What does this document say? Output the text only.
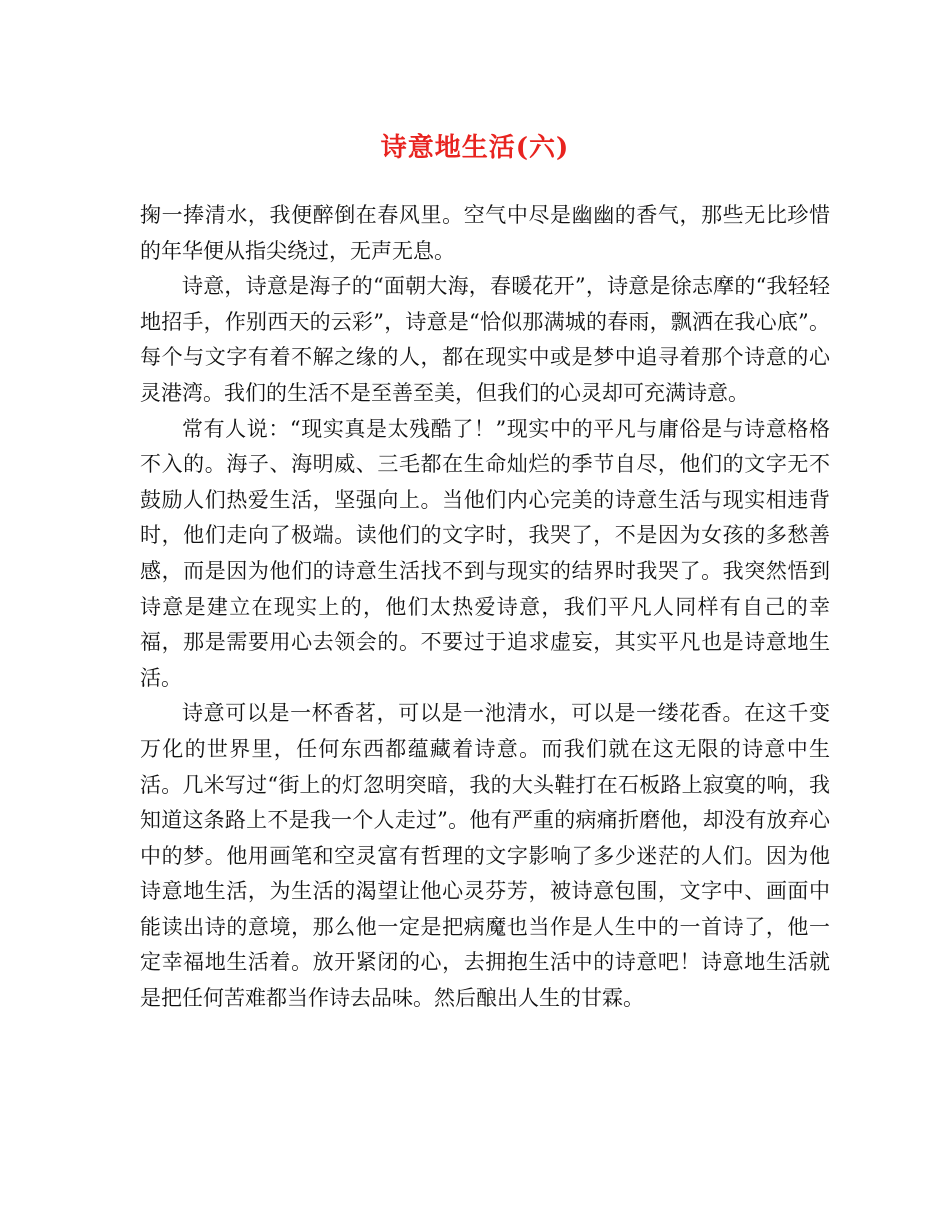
诗意地生活(六)

掬一捧清水，我便醉倒在春风里。空气中尽是幽幽的香气，那些无比珍惜的年华便从指尖绕过，无声无息。

诗意，诗意是海子的“面朝大海，春暖花开”，诗意是徐志摩的“我轻轻地招手，作别西天的云彩”，诗意是“恰似那满城的春雨，飘洒在我心底”。每个与文字有着不解之缘的人，都在现实中或是梦中追寻着那个诗意的心灵港湾。我们的生活不是至善至美，但我们的心灵却可充满诗意。

常有人说：“现实真是太残酷了！”现实中的平凡与庸俗是与诗意格格不入的。海子、海明威、三毛都在生命灿烂的季节自尽，他们的文字无不鼓励人们热爱生活，坚强向上。当他们内心完美的诗意生活与现实相违背时，他们走向了极端。读他们的文字时，我哭了，不是因为女孩的多愁善感，而是因为他们的诗意生活找不到与现实的结界时我哭了。我突然悟到诗意是建立在现实上的，他们太热爱诗意，我们平凡人同样有自己的幸福，那是需要用心去领会的。不要过于追求虚妄，其实平凡也是诗意地生活。

诗意可以是一杯香茗，可以是一池清水，可以是一缕花香。在这千变万化的世界里，任何东西都蕴藏着诗意。而我们就在这无限的诗意中生活。几米写过“街上的灯忽明突暗，我的大头鞋打在石板路上寂寞的响，我知道这条路上不是我一个人走过”。他有严重的病痛折磨他，却没有放弃心中的梦。他用画笔和空灵富有哲理的文字影响了多少迷茫的人们。因为他诗意地生活，为生活的渴望让他心灵芬芳，被诗意包围，文字中、画面中能读出诗的意境，那么他一定是把病魔也当作是人生中的一首诗了，他一定幸福地生活着。放开紧闭的心，去拥抱生活中的诗意吧！诗意地生活就是把任何苦难都当作诗去品味。然后酿出人生的甘霖。
